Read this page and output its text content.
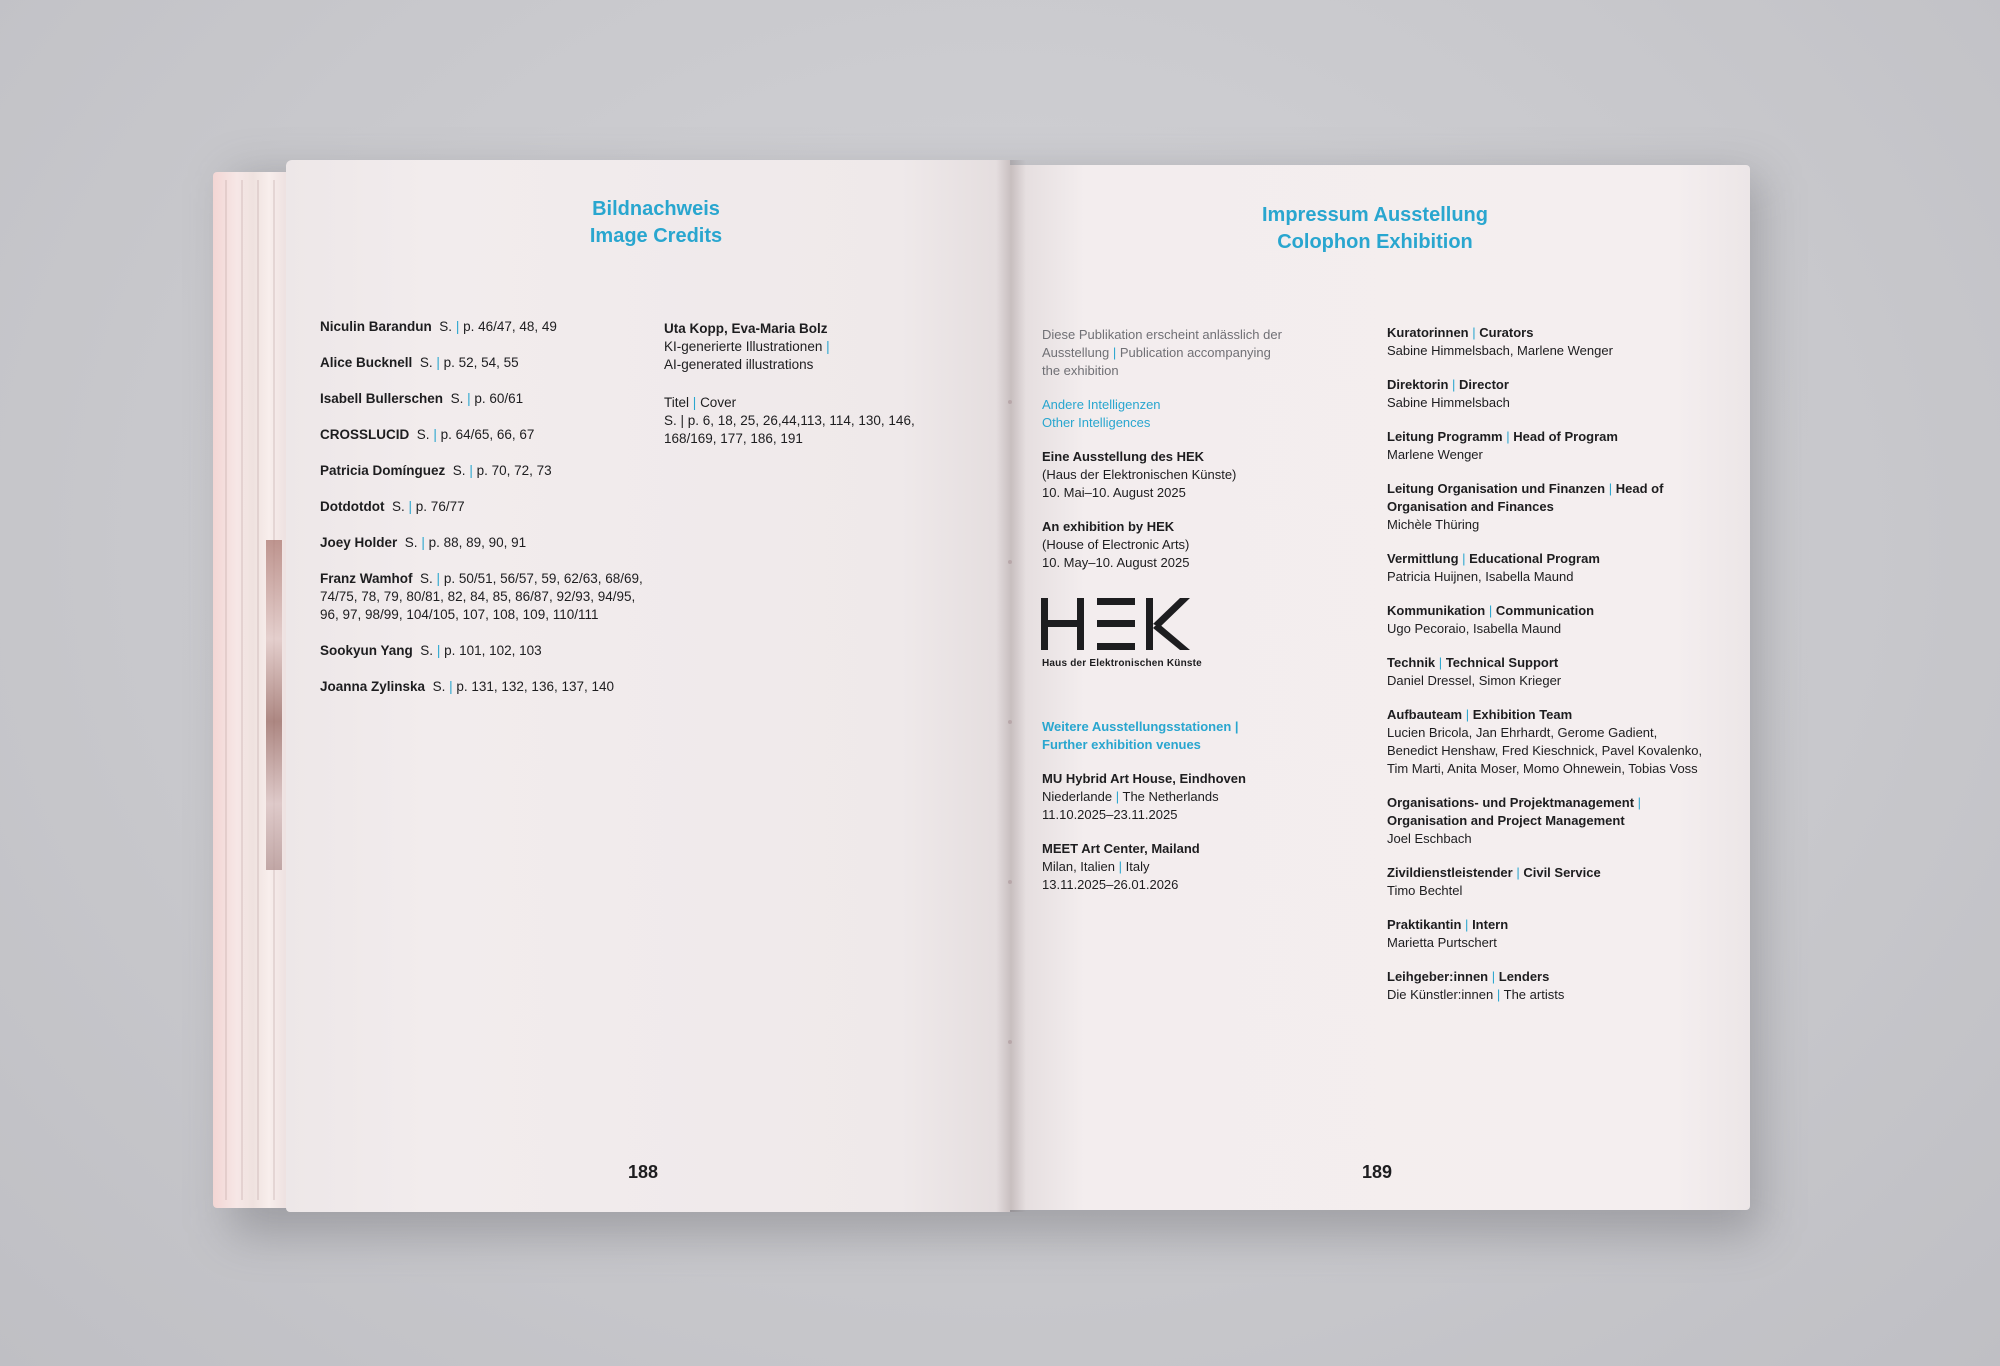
Bildnachweis
Image Credits
Niculin Barandun S. | p. 46/47, 48, 49
Alice Bucknell S. | p. 52, 54, 55
Isabell Bullerschen S. | p. 60/61
CROSSLUCID S. | p. 64/65, 66, 67
Patricia Domínguez S. | p. 70, 72, 73
Dotdotdot S. | p. 76/77
Joey Holder S. | p. 88, 89, 90, 91
Franz Wamhof S. | p. 50/51, 56/57, 59, 62/63, 68/69, 74/75, 78, 79, 80/81, 82, 84, 85, 86/87, 92/93, 94/95, 96, 97, 98/99, 104/105, 107, 108, 109, 110/111
Sookyun Yang S. | p. 101, 102, 103
Joanna Zylinska S. | p. 131, 132, 136, 137, 140
Uta Kopp, Eva-Maria Bolz
KI-generierte Illustrationen |
AI-generated illustrations
Titel | Cover
S. | p. 6, 18, 25, 26,44,113, 114, 130, 146, 168/169, 177, 186, 191
188
Impressum Ausstellung
Colophon Exhibition

Diese Publikation erscheint anlässlich der
Ausstellung | Publication accompanying
the exhibition

Andere Intelligenzen
Other Intelligences

Eine Ausstellung des HEK
(Haus der Elektronischen Künste)
10. Mai–10. August 2025

An exhibition by HEK
(House of Electronic Arts)
10. May–10. August 2025

Weitere Ausstellungsstationen |
Further exhibition venues

MU Hybrid Art House, Eindhoven
Niederlande | The Netherlands
11.10.2025–23.11.2025

MEET Art Center, Mailand
Milan, Italien | Italy
13.11.2025–26.01.2026

Haus der Elektronischen Künste

Kuratorinnen | Curators
Sabine Himmelsbach, Marlene Wenger

Direktorin | Director
Sabine Himmelsbach

Leitung Programm | Head of Program
Marlene Wenger

Leitung Organisation und Finanzen | Head of Organisation and Finances
Michèle Thüring

Vermittlung | Educational Program
Patricia Huijnen, Isabella Maund

Kommunikation | Communication
Ugo Pecoraio, Isabella Maund

Technik | Technical Support
Daniel Dressel, Simon Krieger

Aufbauteam | Exhibition Team
Lucien Bricola, Jan Ehrhardt, Gerome Gadient, Benedict Henshaw, Fred Kieschnick, Pavel Kovalenko, Tim Marti, Anita Moser, Momo Ohnewein, Tobias Voss

Organisations- und Projektmanagement | Organisation and Project Management
Joel Eschbach

Zivildienstleistender | Civil Service
Timo Bechtel

Praktikantin | Intern
Marietta Purtschert

Leihgeber:innen | Lenders
Die Künstler:innen | The artists

189
